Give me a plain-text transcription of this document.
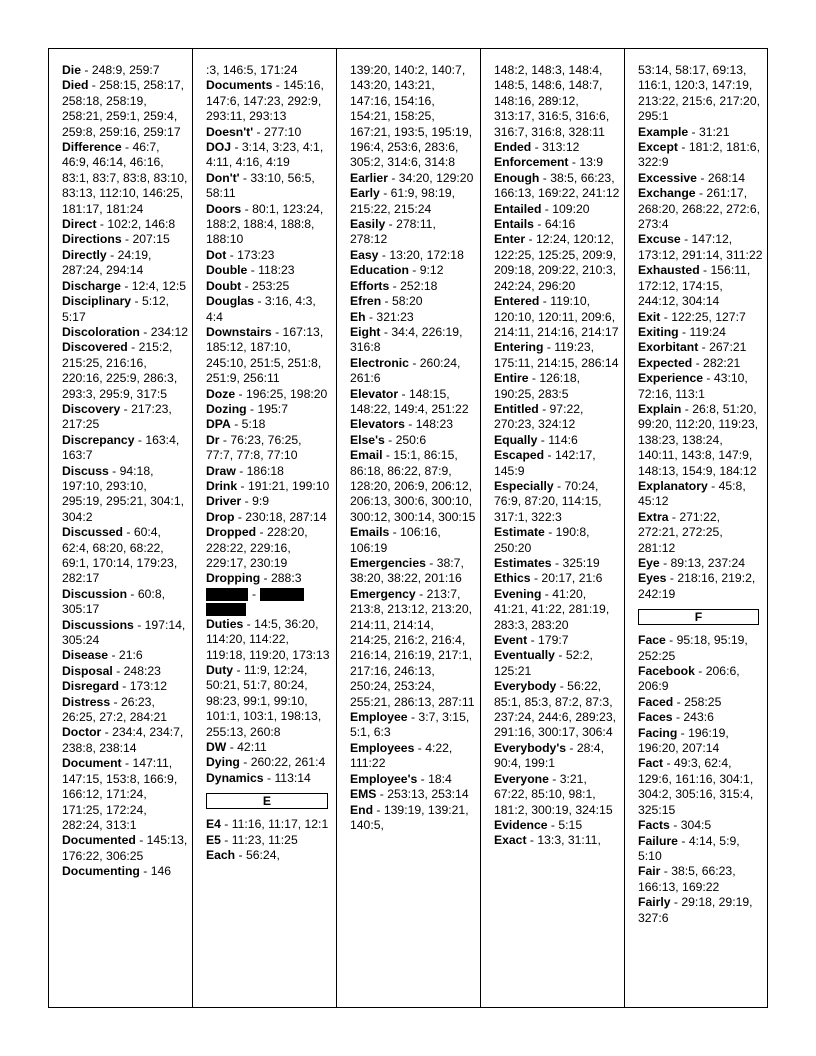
Die - 248:9, 259:7
Died - 258:15, 258:17, 258:18, 258:19, 258:21, 259:1, 259:4, 259:8, 259:16, 259:17
Difference - 46:7, 46:9, 46:14, 46:16, 83:1, 83:7, 83:8, 83:10, 83:13, 112:10, 146:25, 181:17, 181:24
Direct - 102:2, 146:8
Directions - 207:15
Directly - 24:19, 287:24, 294:14
Discharge - 12:4, 12:5
Disciplinary - 5:12, 5:17
Discoloration - 234:12
Discovered - 215:2, 215:25, 216:16, 220:16, 225:9, 286:3, 293:3, 295:9, 317:5
Discovery - 217:23, 217:25
Discrepancy - 163:4, 163:7
Discuss - 94:18, 197:10, 293:10, 295:19, 295:21, 304:1, 304:2
Discussed - 60:4, 62:4, 68:20, 68:22, 69:1, 170:14, 179:23, 282:17
Discussion - 60:8, 305:17
Discussions - 197:14, 305:24
Disease - 21:6
Disposal - 248:23
Disregard - 173:12
Distress - 26:23, 26:25, 27:2, 284:21
Doctor - 234:4, 234:7, 238:8, 238:14
Document - 147:11, 147:15, 153:8, 166:9, 166:12, 171:24, 171:25, 172:24, 282:24, 313:1
Documented - 145:13, 176:22, 306:25
Documenting - 146
:3, 146:5, 171:24
Documents - 145:16, 147:6, 147:23, 292:9, 293:11, 293:13
Doesn't' - 277:10
DOJ - 3:14, 3:23, 4:1, 4:11, 4:16, 4:19
Don't' - 33:10, 56:5, 58:11
Doors - 80:1, 123:24, 188:2, 188:4, 188:8, 188:10
Dot - 173:23
Double - 118:23
Doubt - 253:25
Douglas - 3:16, 4:3, 4:4
Downstairs - 167:13, 185:12, 187:10, 245:10, 251:5, 251:8, 251:9, 256:11
Doze - 196:25, 198:20
Dozing - 195:7
DPA - 5:18
Dr - 76:23, 76:25, 77:7, 77:8, 77:10
Draw - 186:18
Drink - 191:21, 199:10
Driver - 9:9
Drop - 230:18, 287:14
Dropped - 228:20, 228:22, 229:16, 229:17, 230:19
Dropping - 288:3
-
Duties - 14:5, 36:20, 114:20, 114:22, 119:18, 119:20, 173:13
Duty - 11:9, 12:24, 50:21, 51:7, 80:24, 98:23, 99:1, 99:10, 101:1, 103:1, 198:13, 255:13, 260:8
DW - 42:11
Dying - 260:22, 261:4
Dynamics - 113:14
E
E4 - 11:16, 11:17, 12:1
E5 - 11:23, 11:25
Each - 56:24,
139:20, 140:2, 140:7, 143:20, 143:21, 147:16, 154:16, 154:21, 158:25, 167:21, 193:5, 195:19, 196:4, 253:6, 283:6, 305:2, 314:6, 314:8
Earlier - 34:20, 129:20
Early - 61:9, 98:19, 215:22, 215:24
Easily - 278:11, 278:12
Easy - 13:20, 172:18
Education - 9:12
Efforts - 252:18
Efren - 58:20
Eh - 321:23
Eight - 34:4, 226:19, 316:8
Electronic - 260:24, 261:6
Elevator - 148:15, 148:22, 149:4, 251:22
Elevators - 148:23
Else's - 250:6
Email - 15:1, 86:15, 86:18, 86:22, 87:9, 128:20, 206:9, 206:12, 206:13, 300:6, 300:10, 300:12, 300:14, 300:15
Emails - 106:16, 106:19
Emergencies - 38:7, 38:20, 38:22, 201:16
Emergency - 213:7, 213:8, 213:12, 213:20, 214:11, 214:14, 214:25, 216:2, 216:4, 216:14, 216:19, 217:1, 217:16, 246:13, 250:24, 253:24, 255:21, 286:13, 287:11
Employee - 3:7, 3:15, 5:1, 6:3
Employees - 4:22, 111:22
Employee's - 18:4
EMS - 253:13, 253:14
End - 139:19, 139:21, 140:5,
148:2, 148:3, 148:4, 148:5, 148:6, 148:7, 148:16, 289:12, 313:17, 316:5, 316:6, 316:7, 316:8, 328:11
Ended - 313:12
Enforcement - 13:9
Enough - 38:5, 66:23, 166:13, 169:22, 241:12
Entailed - 109:20
Entails - 64:16
Enter - 12:24, 120:12, 122:25, 125:25, 209:9, 209:18, 209:22, 210:3, 242:24, 296:20
Entered - 119:10, 120:10, 120:11, 209:6, 214:11, 214:16, 214:17
Entering - 119:23, 175:11, 214:15, 286:14
Entire - 126:18, 190:25, 283:5
Entitled - 97:22, 270:23, 324:12
Equally - 114:6
Escaped - 142:17, 145:9
Especially - 70:24, 76:9, 87:20, 114:15, 317:1, 322:3
Estimate - 190:8, 250:20
Estimates - 325:19
Ethics - 20:17, 21:6
Evening - 41:20, 41:21, 41:22, 281:19, 283:3, 283:20
Event - 179:7
Eventually - 52:2, 125:21
Everybody - 56:22, 85:1, 85:3, 87:2, 87:3, 237:24, 244:6, 289:23, 291:16, 300:17, 306:4
Everybody's - 28:4, 90:4, 199:1
Everyone - 3:21, 67:22, 85:10, 98:1, 181:2, 300:19, 324:15
Evidence - 5:15
Exact - 13:3, 31:11,
53:14, 58:17, 69:13, 116:1, 120:3, 147:19, 213:22, 215:6, 217:20, 295:1
Example - 31:21
Except - 181:2, 181:6, 322:9
Excessive - 268:14
Exchange - 261:17, 268:20, 268:22, 272:6, 273:4
Excuse - 147:12, 173:12, 291:14, 311:22
Exhausted - 156:11, 172:12, 174:15, 244:12, 304:14
Exit - 122:25, 127:7
Exiting - 119:24
Exorbitant - 267:21
Expected - 282:21
Experience - 43:10, 72:16, 113:1
Explain - 26:8, 51:20, 99:20, 112:20, 119:23, 138:23, 138:24, 140:11, 143:8, 147:9, 148:13, 154:9, 184:12
Explanatory - 45:8, 45:12
Extra - 271:22, 272:21, 272:25, 281:12
Eye - 89:13, 237:24
Eyes - 218:16, 219:2, 242:19
F
Face - 95:18, 95:19, 252:25
Facebook - 206:6, 206:9
Faced - 258:25
Faces - 243:6
Facing - 196:19, 196:20, 207:14
Fact - 49:3, 62:4, 129:6, 161:16, 304:1, 304:2, 305:16, 315:4, 325:15
Facts - 304:5
Failure - 4:14, 5:9, 5:10
Fair - 38:5, 66:23, 166:13, 169:22
Fairly - 29:18, 29:19, 327:6
